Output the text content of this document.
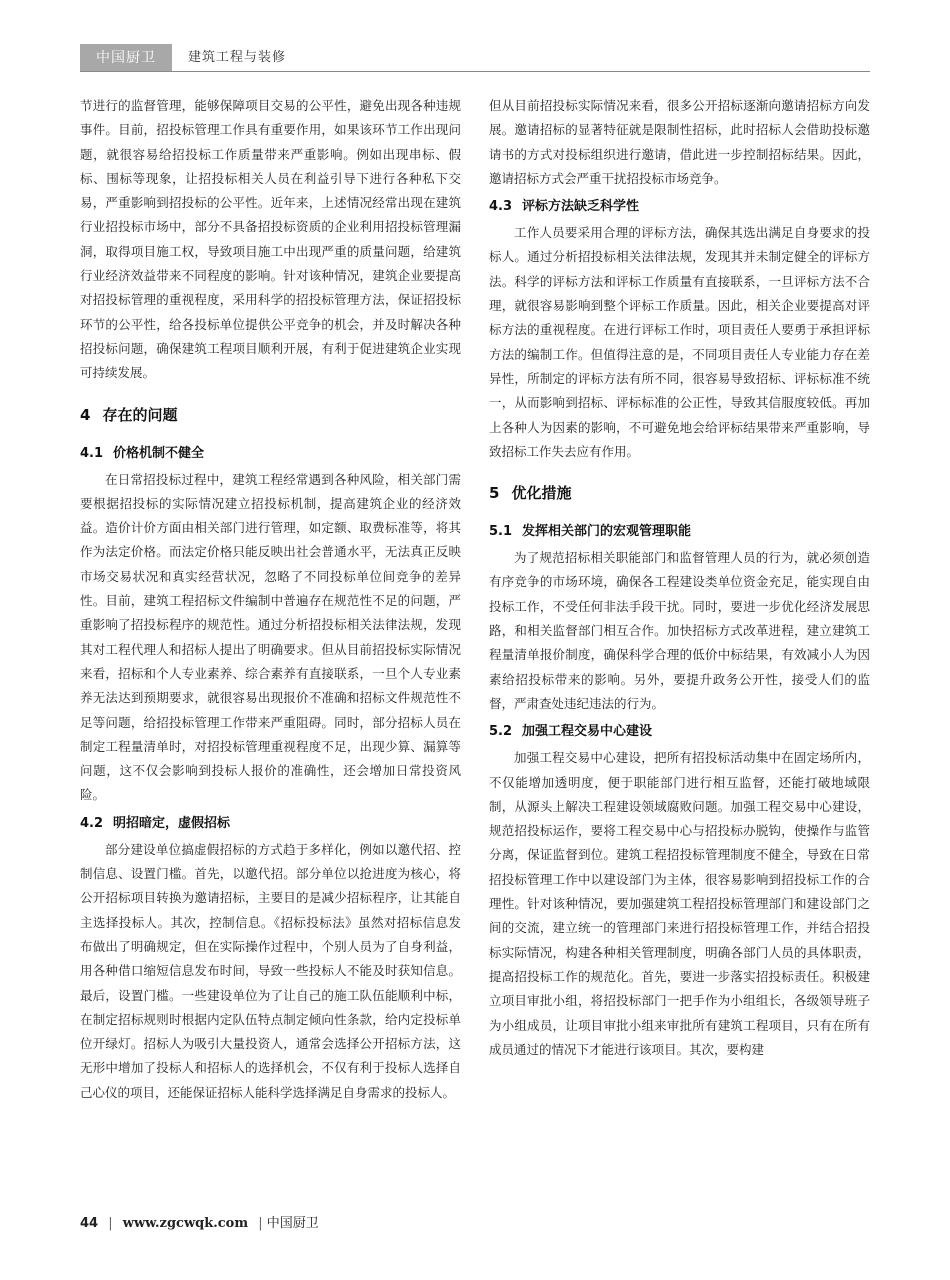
中国厨卫	建筑工程与装修

节进行的监督管理，能够保障项目交易的公平性，避免出现各种违规事件。目前，招投标管理工作具有重要作用，如果该环节工作出现问题，就很容易给招投标工作质量带来严重影响。例如出现串标、假标、围标等现象，让招投标相关人员在利益引导下进行各种私下交易，严重影响到招投标的公平性。近年来，上述情况经常出现在建筑行业招投标市场中，部分不具备招投标资质的企业利用招投标管理漏洞，取得项目施工权，导致项目施工中出现严重的质量问题，给建筑行业经济效益带来不同程度的影响。针对该种情况，建筑企业要提高对招投标管理的重视程度，采用科学的招投标管理方法，保证招投标环节的公平性，给各投标单位提供公平竞争的机会，并及时解决各种招投标问题，确保建筑工程项目顺利开展，有利于促进建筑企业实现可持续发展。

4 存在的问题
4.1 价格机制不健全

在日常招投标过程中，建筑工程经常遇到各种风险，相关部门需要根据招投标的实际情况建立招投标机制，提高建筑企业的经济效益。造价计价方面由相关部门进行管理，如定额、取费标准等，将其作为法定价格。而法定价格只能反映出社会普通水平，无法真正反映市场交易状况和真实经营状况，忽略了不同投标单位间竞争的差异性。目前，建筑工程招标文件编制中普遍存在规范性不足的问题，严重影响了招投标程序的规范性。通过分析招投标相关法律法规，发现其对工程代理人和招标人提出了明确要求。但从目前招投标实际情况来看，招标和个人专业素养、综合素养有直接联系，一旦个人专业素养无法达到预期要求，就很容易出现报价不准确和招标文件规范性不足等问题，给招投标管理工作带来严重阻碍。同时，部分招标人员在制定工程量清单时，对招投标管理重视程度不足，出现少算、漏算等问题，这不仅会影响到投标人报价的准确性，还会增加日常投资风险。

4.2 明招暗定，虚假招标

部分建设单位搞虚假招标的方式趋于多样化，例如以邀代招、控制信息、设置门槛。首先，以邀代招。部分单位以抢进度为核心，将公开招标项目转换为邀请招标，主要目的是减少招标程序，让其能自主选择投标人。其次，控制信息。《招标投标法》虽然对招标信息发布做出了明确规定，但在实际操作过程中，个别人员为了自身利益，用各种借口缩短信息发布时间，导致一些投标人不能及时获知信息。最后，设置门槛。一些建设单位为了让自己的施工队伍能顺利中标，在制定招标规则时根据内定队伍特点制定倾向性条款，给内定投标单位开绿灯。招标人为吸引大量投资人，通常会选择公开招标方法，这无形中增加了投标人和招标人的选择机会，不仅有利于投标人选择自己心仪的项目，还能保证招标人能科学选择满足自身需求的投标人。

但从目前招投标实际情况来看，很多公开招标逐渐向邀请招标方向发展。邀请招标的显著特征就是限制性招标，此时招标人会借助投标邀请书的方式对投标组织进行邀请，借此进一步控制招标结果。因此，邀请招标方式会严重干扰招投标市场竞争。

4.3 评标方法缺乏科学性

工作人员要采用合理的评标方法，确保其选出满足自身要求的投标人。通过分析招投标相关法律法规，发现其并未制定健全的评标方法。科学的评标方法和评标工作质量有直接联系，一旦评标方法不合理，就很容易影响到整个评标工作质量。因此，相关企业要提高对评标方法的重视程度。在进行评标工作时，项目责任人要勇于承担评标方法的编制工作。但值得注意的是，不同项目责任人专业能力存在差异性，所制定的评标方法有所不同，很容易导致招标、评标标准不统一，从而影响到招标、评标标准的公正性，导致其信服度较低。再加上各种人为因素的影响，不可避免地会给评标结果带来严重影响，导致招标工作失去应有作用。

5 优化措施
5.1 发挥相关部门的宏观管理职能

为了规范招标相关职能部门和监督管理人员的行为，就必须创造有序竞争的市场环境，确保各工程建设类单位资金充足，能实现自由投标工作，不受任何非法手段干扰。同时，要进一步优化经济发展思路，和相关监督部门相互合作。加快招标方式改革进程，建立建筑工程量清单报价制度，确保科学合理的低价中标结果，有效减小人为因素给招投标带来的影响。另外，要提升政务公开性，接受人们的监督，严肃查处违纪违法的行为。

5.2 加强工程交易中心建设

加强工程交易中心建设，把所有招投标活动集中在固定场所内，不仅能增加透明度，便于职能部门进行相互监督，还能打破地域限制，从源头上解决工程建设领域腐败问题。加强工程交易中心建设，规范招投标运作，要将工程交易中心与招投标办脱钩，使操作与监管分离，保证监督到位。建筑工程招投标管理制度不健全，导致在日常招投标管理工作中以建设部门为主体，很容易影响到招投标工作的合理性。针对该种情况，要加强建筑工程招投标管理部门和建设部门之间的交流，建立统一的管理部门来进行招投标管理工作，并结合招投标实际情况，构建各种相关管理制度，明确各部门人员的具体职责，提高招投标工作的规范化。首先，要进一步落实招投标责任。积极建立项目审批小组，将招投标部门一把手作为小组组长，各级领导班子为小组成员，让项目审批小组来审批所有建筑工程项目，只有在所有成员通过的情况下才能进行该项目。其次，要构建

44 | www.zgcwqk.com | 中国厨卫
